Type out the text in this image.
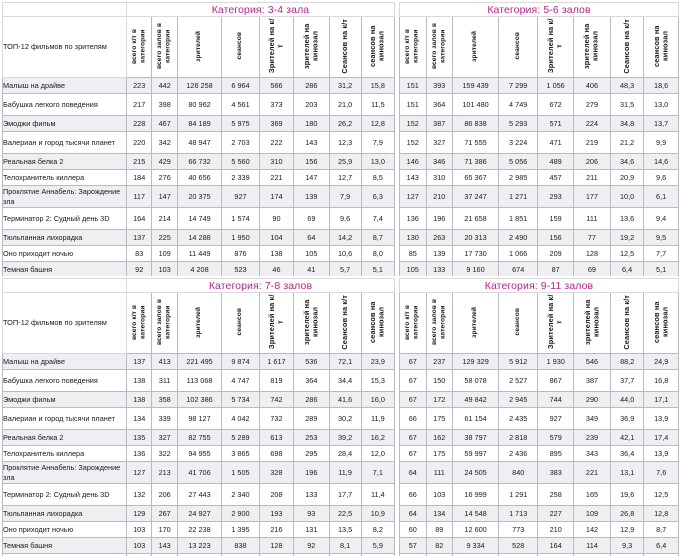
	Категория: 3-4 зала							
ТОП-12 фильмов по зрителям	всего к/т в категории	всего залов в категории	зрителей	сеансов	Зрителей на к/т	зрителей на кинозал	Сеансов на к/т	сеансов на кинозал
Малыш на драйве	223	442	126 258	6 964	566	286	31,2	15,8
Бабушка легкого поведения	217	398	80 962	4 561	373	203	21,0	11,5
Эмоджи фильм	228	467	84 189	5 975	369	180	26,2	12,8
Валериан и город тысячи планет	220	342	48 947	2 703	222	143	12,3	7,9
Реальная белка 2	215	429	66 732	5 560	310	156	25,9	13,0
Телохранитель киллера	184	276	40 656	2 339	221	147	12,7	8,5
Проклятие Аннабель: Зарождение зла	117	147	20 375	927	174	139	7,9	6,3
Терминатор 2: Судный день 3D	164	214	14 749	1 574	90	69	9,6	7,4
Тюльпанная лихорадка	137	225	14 288	1 950	104	64	14,2	8,7
Оно приходит ночью	83	109	11 449	876	138	105	10,6	8,0
Темная башня	92	103	4 208	523	46	41	5,7	5,1

Категория: 5-6 залов							
всего к/т в категории	всего залов в категории	зрителей	сеансов	Зрителей на к/т	зрителей на кинозал	Сеансов на к/т	сеансов на кинозал
151	393	159 439	7 299	1 056	406	48,3	18,6
151	364	101 480	4 749	672	279	31,5	13,0
152	387	86 838	5 293	571	224	34,8	13,7
152	327	71 555	3 224	471	219	21,2	9,9
146	346	71 386	5 056	489	206	34,6	14,6
143	310	65 367	2 985	457	211	20,9	9,6
127	210	37 247	1 271	293	177	10,0	6,1
136	196	21 658	1 851	159	111	13,6	9,4
130	263	20 313	2 490	156	77	19,2	9,5
85	139	17 730	1 066	209	128	12,5	7,7
105	133	9 160	674	87	69	6,4	5,1

	Категория: 7-8 залов							
ТОП-12 фильмов по зрителям	всего к/т в категории	всего залов в категории	зрителей	сеансов	Зрителей на к/т	зрителей на кинозал	Сеансов на к/т	сеансов на кинозал
Малыш на драйве	137	413	221 495	9 874	1 617	536	72,1	23,9
Бабушка легкого поведения	138	311	113 068	4 747	819	364	34,4	15,3
Эмоджи фильм	138	358	102 386	5 734	742	286	41,6	16,0
Валериан и город тысячи планет	134	339	98 127	4 042	732	289	30,2	11,9
Реальная белка 2	135	327	82 755	5 289	613	253	39,2	16,2
Телохранитель киллера	136	322	94 955	3 865	698	295	28,4	12,0
Проклятие Аннабель: Зарождение зла	127	213	41 706	1 505	328	196	11,9	7,1
Терминатор 2: Судный день 3D	132	206	27 443	2 340	208	133	17,7	11,4
Тюльпанная лихорадка	129	267	24 927	2 900	193	93	22,5	10,9
Оно приходит ночью	103	170	22 238	1 395	216	131	13,5	8,2
Темная башня	103	143	13 223	838	128	92	8,1	5,9

Категория: 9-11 залов							
всего к/т в категории	всего залов в категории	зрителей	сеансов	Зрителей на к/т	зрителей на кинозал	Сеансов на к/т	сеансов на кинозал
67	237	129 329	5 912	1 930	546	88,2	24,9
67	150	58 078	2 527	867	387	37,7	16,8
67	172	49 842	2 945	744	290	44,0	17,1
66	175	61 154	2 435	927	349	36,9	13,9
67	162	38 797	2 818	579	239	42,1	17,4
67	175	59 997	2 436	895	343	36,4	13,9
64	111	24 505	840	383	221	13,1	7,6
66	103	16 999	1 291	258	165	19,6	12,5
64	134	14 548	1 713	227	109	26,8	12,8
60	89	12 600	773	210	142	12,9	8,7
57	82	9 334	528	164	114	9,3	6,4
